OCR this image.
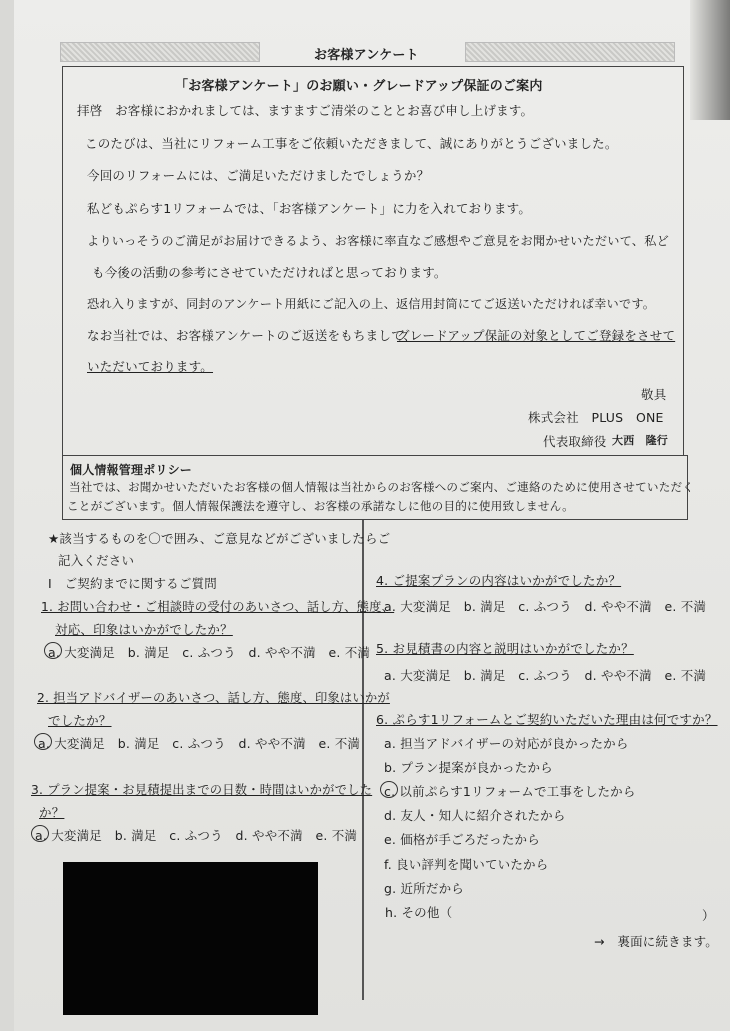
お客様アンケート
「お客様アンケート」のお願い・グレードアップ保証のご案内
拝啓　お客様におかれましては、ますますご清栄のこととお喜び申し上げます。
このたびは、当社にリフォーム工事をご依頼いただきまして、誠にありがとうございました。
今回のリフォームには、ご満足いただけましたでしょうか？
私どもぷらす1リフォームでは、「お客様アンケート」に力を入れております。
よりいっそうのご満足がお届けできるよう、お客様に率直なご感想やご意見をお聞かせいただいて、私ど
も今後の活動の参考にさせていただければと思っております。
恐れ入りますが、同封のアンケート用紙にご記入の上、返信用封筒にてご返送いただければ幸いです。
なお当社では、お客様アンケートのご返送をもちまして、
グレードアップ保証の対象としてご登録をさせて
いただいております。
敬具
株式会社　PLUS　ONE
代表取締役 大西　隆行
個人情報管理ポリシー
当社では、お聞かせいただいたお客様の個人情報は当社からのお客様へのご案内、ご連絡のために使用させていただく
ことがございます。個人情報保護法を遵守し、お客様の承諾なしに他の目的に使用致しません。
★該当するものを〇で囲み、ご意見などがございましたらご
記入ください
Ⅰ　ご契約までに関するご質問
1. お問い合わせ・ご相談時の受付のあいさつ、話し方、態度、
対応、印象はいかがでしたか？
a. 大変満足　b. 満足　c. ふつう　d. やや不満　e. 不満
2. 担当アドバイザーのあいさつ、話し方、態度、印象はいかが
でしたか？
a. 大変満足　b. 満足　c. ふつう　d. やや不満　e. 不満
3. プラン提案・お見積提出までの日数・時間はいかがでした
か？
a. 大変満足　b. 満足　c. ふつう　d. やや不満　e. 不満
4. ご提案プランの内容はいかがでしたか？
a. 大変満足　b. 満足　c. ふつう　d. やや不満　e. 不満
5. お見積書の内容と説明はいかがでしたか？
a. 大変満足　b. 満足　c. ふつう　d. やや不満　e. 不満
6. ぷらす1リフォームとご契約いただいた理由は何ですか？
a. 担当アドバイザーの対応が良かったから
b. プラン提案が良かったから
c. 以前ぷらす1リフォームで工事をしたから
d. 友人・知人に紹介されたから
e. 価格が手ごろだったから
f. 良い評判を聞いていたから
g. 近所だから
h. その他（	）
→　裏面に続きます。
